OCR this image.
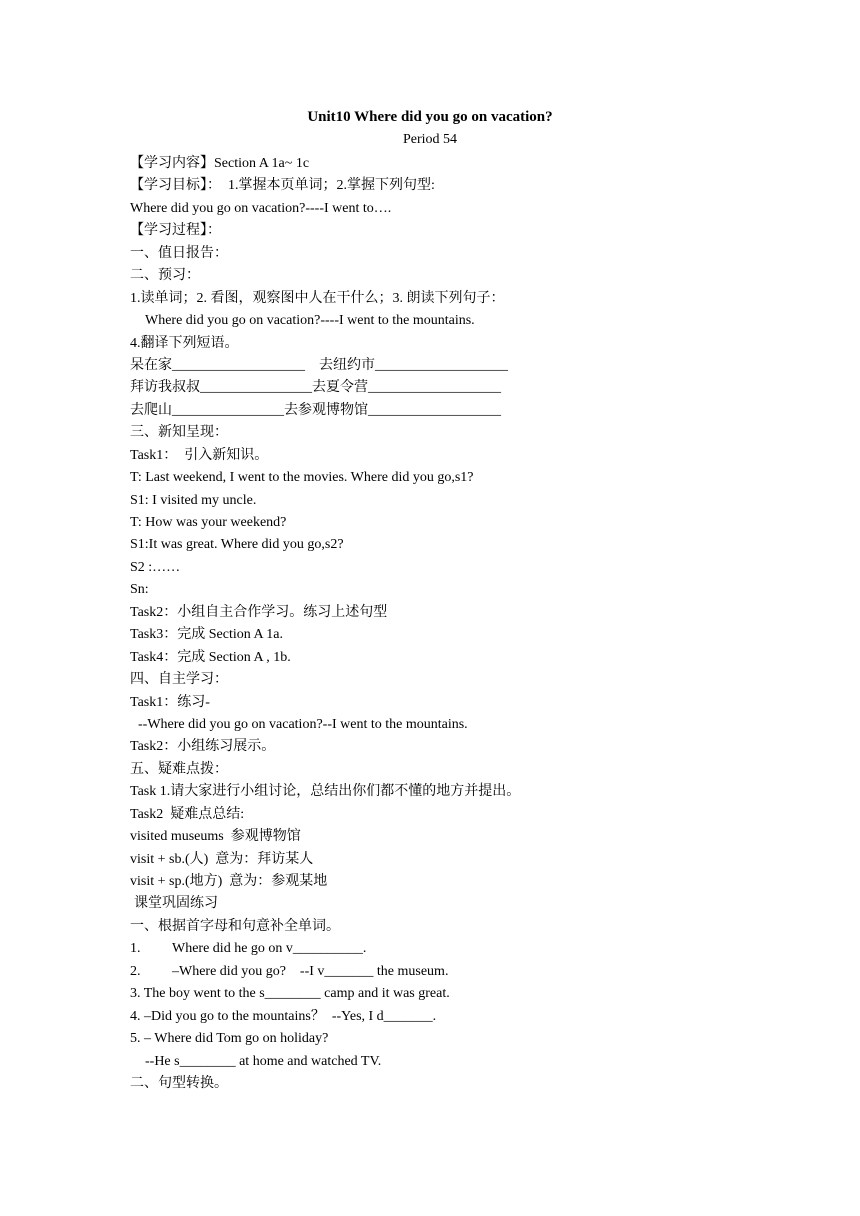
Unit10 Where did you go on vacation?
Period 54
【学习内容】Section A 1a~ 1c
【学习目标】：  1.掌握本页单词；2.掌握下列句型:
Where did you go on vacation?----I went to….
【学习过程】：
一、值日报告：
二、预习：
1.读单词；2. 看图，观察图中人在干什么；3. 朗读下列句子：
Where did you go on vacation?----I went to the mountains.
4.翻译下列短语。
呆在家___________________    去纽约市___________________
拜访我叔叔________________去夏令营___________________
去爬山________________去参观博物馆___________________
三、新知呈现：
Task1：  引入新知识。
T: Last weekend, I went to the movies. Where did you go,s1?
S1: I visited my uncle.
T: How was your weekend?
S1:It was great. Where did you go,s2?
S2 :……
Sn:
Task2：小组自主合作学习。练习上述句型
Task3：完成 Section A 1a.
Task4：完成 Section A , 1b.
四、自主学习：
Task1：练习-
--Where did you go on vacation?--I went to the mountains.
Task2：小组练习展示。
五、疑难点拨：
Task 1.请大家进行小组讨论，总结出你们都不懂的地方并提出。
Task2  疑难点总结:
visited museums  参观博物馆
visit + sb.(人)  意为：拜访某人
visit + sp.(地方)  意为：参观某地
课堂巩固练习
一、根据首字母和句意补全单词。
1. Where did he go on v__________.
2. –Where did you go?    --I v_______ the museum.
3. The boy went to the s________ camp and it was great.
4. –Did you go to the mountains？  --Yes, I d_______.
5. – Where did Tom go on holiday?
--He s________ at home and watched TV.
二、句型转换。
